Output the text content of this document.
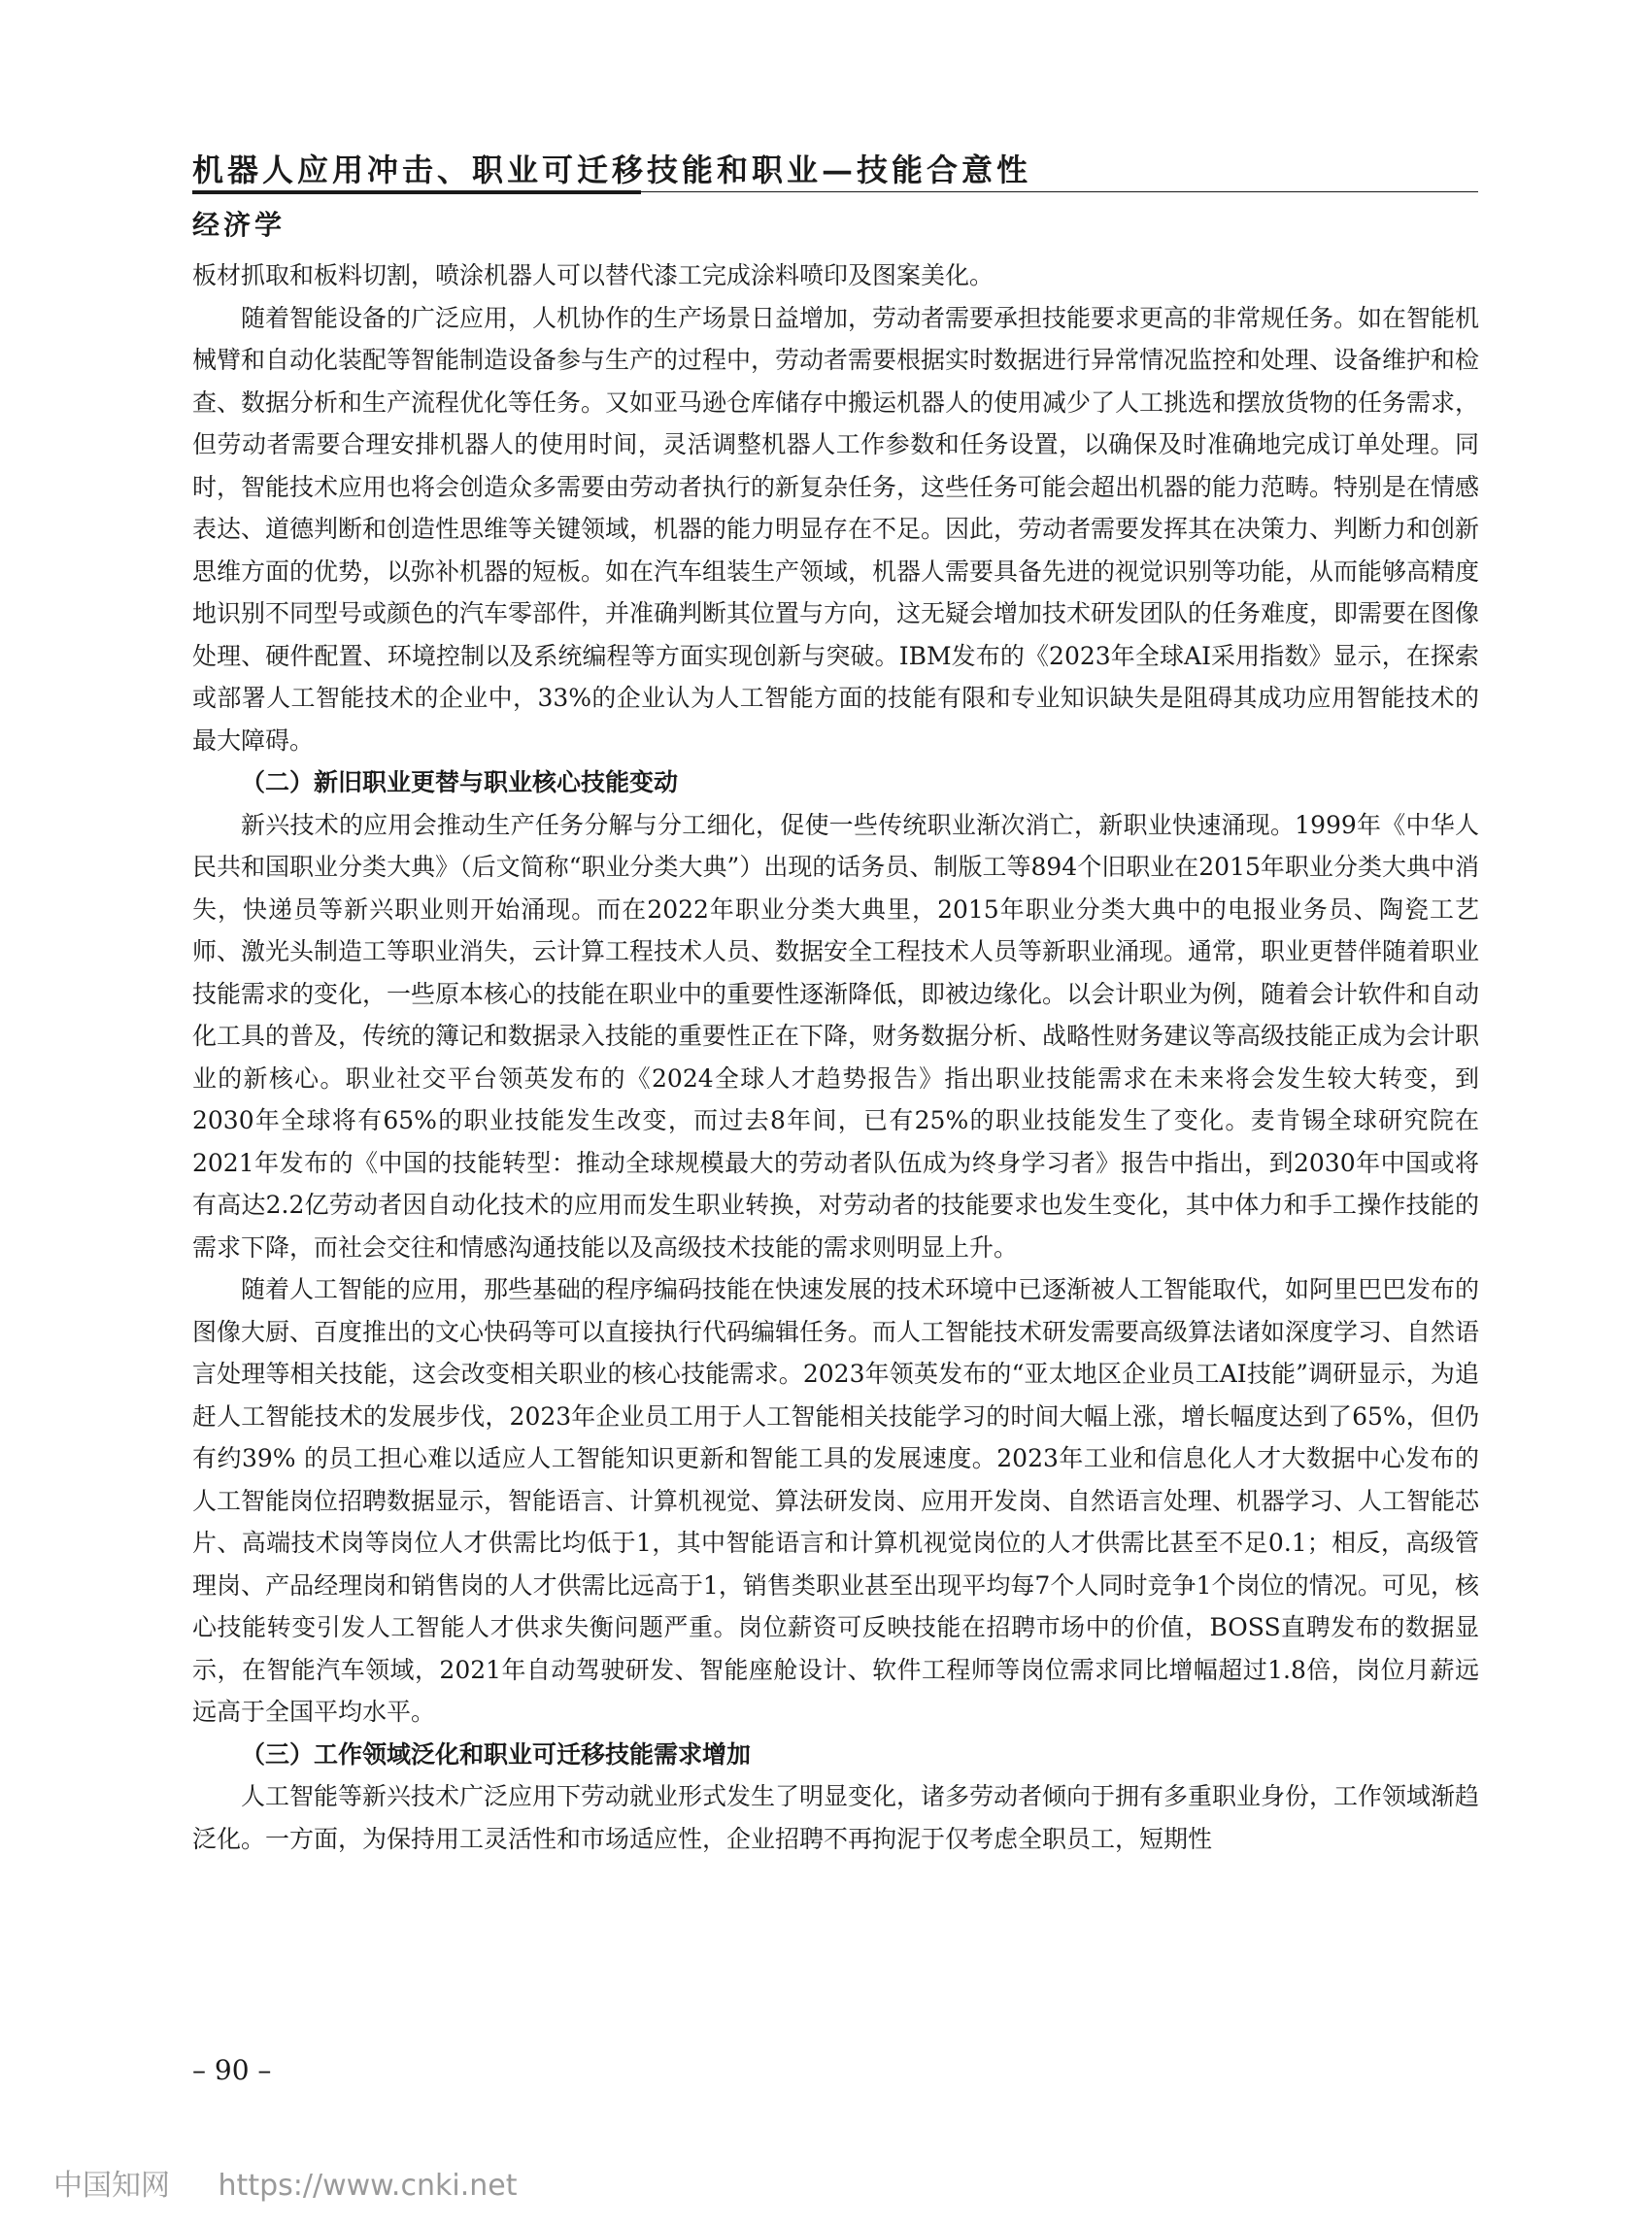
机器人应用冲击、职业可迁移技能和职业—技能合意性
经济学

板材抓取和板料切割，喷涂机器人可以替代漆工完成涂料喷印及图案美化。

随着智能设备的广泛应用，人机协作的生产场景日益增加，劳动者需要承担技能要求更高的非常规任务。如在智能机械臂和自动化装配等智能制造设备参与生产的过程中，劳动者需要根据实时数据进行异常情况监控和处理、设备维护和检查、数据分析和生产流程优化等任务。又如亚马逊仓库储存中搬运机器人的使用减少了人工挑选和摆放货物的任务需求，但劳动者需要合理安排机器人的使用时间，灵活调整机器人工作参数和任务设置，以确保及时准确地完成订单处理。同时，智能技术应用也将会创造众多需要由劳动者执行的新复杂任务，这些任务可能会超出机器的能力范畴。特别是在情感表达、道德判断和创造性思维等关键领域，机器的能力明显存在不足。因此，劳动者需要发挥其在决策力、判断力和创新思维方面的优势，以弥补机器的短板。如在汽车组装生产领域，机器人需要具备先进的视觉识别等功能，从而能够高精度地识别不同型号或颜色的汽车零部件，并准确判断其位置与方向，这无疑会增加技术研发团队的任务难度，即需要在图像处理、硬件配置、环境控制以及系统编程等方面实现创新与突破。IBM发布的《2023年全球AI采用指数》显示，在探索或部署人工智能技术的企业中，33%的企业认为人工智能方面的技能有限和专业知识缺失是阻碍其成功应用智能技术的最大障碍。

（二）新旧职业更替与职业核心技能变动

新兴技术的应用会推动生产任务分解与分工细化，促使一些传统职业渐次消亡，新职业快速涌现。1999年《中华人民共和国职业分类大典》（后文简称“职业分类大典”）出现的话务员、制版工等894个旧职业在2015年职业分类大典中消失，快递员等新兴职业则开始涌现。而在2022年职业分类大典里，2015年职业分类大典中的电报业务员、陶瓷工艺师、激光头制造工等职业消失，云计算工程技术人员、数据安全工程技术人员等新职业涌现。通常，职业更替伴随着职业技能需求的变化，一些原本核心的技能在职业中的重要性逐渐降低，即被边缘化。以会计职业为例，随着会计软件和自动化工具的普及，传统的簿记和数据录入技能的重要性正在下降，财务数据分析、战略性财务建议等高级技能正成为会计职业的新核心。职业社交平台领英发布的《2024全球人才趋势报告》指出职业技能需求在未来将会发生较大转变，到2030年全球将有65%的职业技能发生改变，而过去8年间，已有25%的职业技能发生了变化。麦肯锡全球研究院在2021年发布的《中国的技能转型：推动全球规模最大的劳动者队伍成为终身学习者》报告中指出，到2030年中国或将有高达2.2亿劳动者因自动化技术的应用而发生职业转换，对劳动者的技能要求也发生变化，其中体力和手工操作技能的需求下降，而社会交往和情感沟通技能以及高级技术技能的需求则明显上升。

随着人工智能的应用，那些基础的程序编码技能在快速发展的技术环境中已逐渐被人工智能取代，如阿里巴巴发布的图像大厨、百度推出的文心快码等可以直接执行代码编辑任务。而人工智能技术研发需要高级算法诸如深度学习、自然语言处理等相关技能，这会改变相关职业的核心技能需求。2023年领英发布的“亚太地区企业员工AI技能”调研显示，为追赶人工智能技术的发展步伐，2023年企业员工用于人工智能相关技能学习的时间大幅上涨，增长幅度达到了65%，但仍有约39% 的员工担心难以适应人工智能知识更新和智能工具的发展速度。2023年工业和信息化人才大数据中心发布的人工智能岗位招聘数据显示，智能语言、计算机视觉、算法研发岗、应用开发岗、自然语言处理、机器学习、人工智能芯片、高端技术岗等岗位人才供需比均低于1，其中智能语言和计算机视觉岗位的人才供需比甚至不足0.1；相反，高级管理岗、产品经理岗和销售岗的人才供需比远高于1，销售类职业甚至出现平均每7个人同时竞争1个岗位的情况。可见，核心技能转变引发人工智能人才供求失衡问题严重。岗位薪资可反映技能在招聘市场中的价值，BOSS直聘发布的数据显示，在智能汽车领域，2021年自动驾驶研发、智能座舱设计、软件工程师等岗位需求同比增幅超过1.8倍，岗位月薪远远高于全国平均水平。

（三）工作领域泛化和职业可迁移技能需求增加

人工智能等新兴技术广泛应用下劳动就业形式发生了明显变化，诸多劳动者倾向于拥有多重职业身份，工作领域渐趋泛化。一方面，为保持用工灵活性和市场适应性，企业招聘不再拘泥于仅考虑全职员工，短期性

– 90 –
中国知网 https://www.cnki.net
